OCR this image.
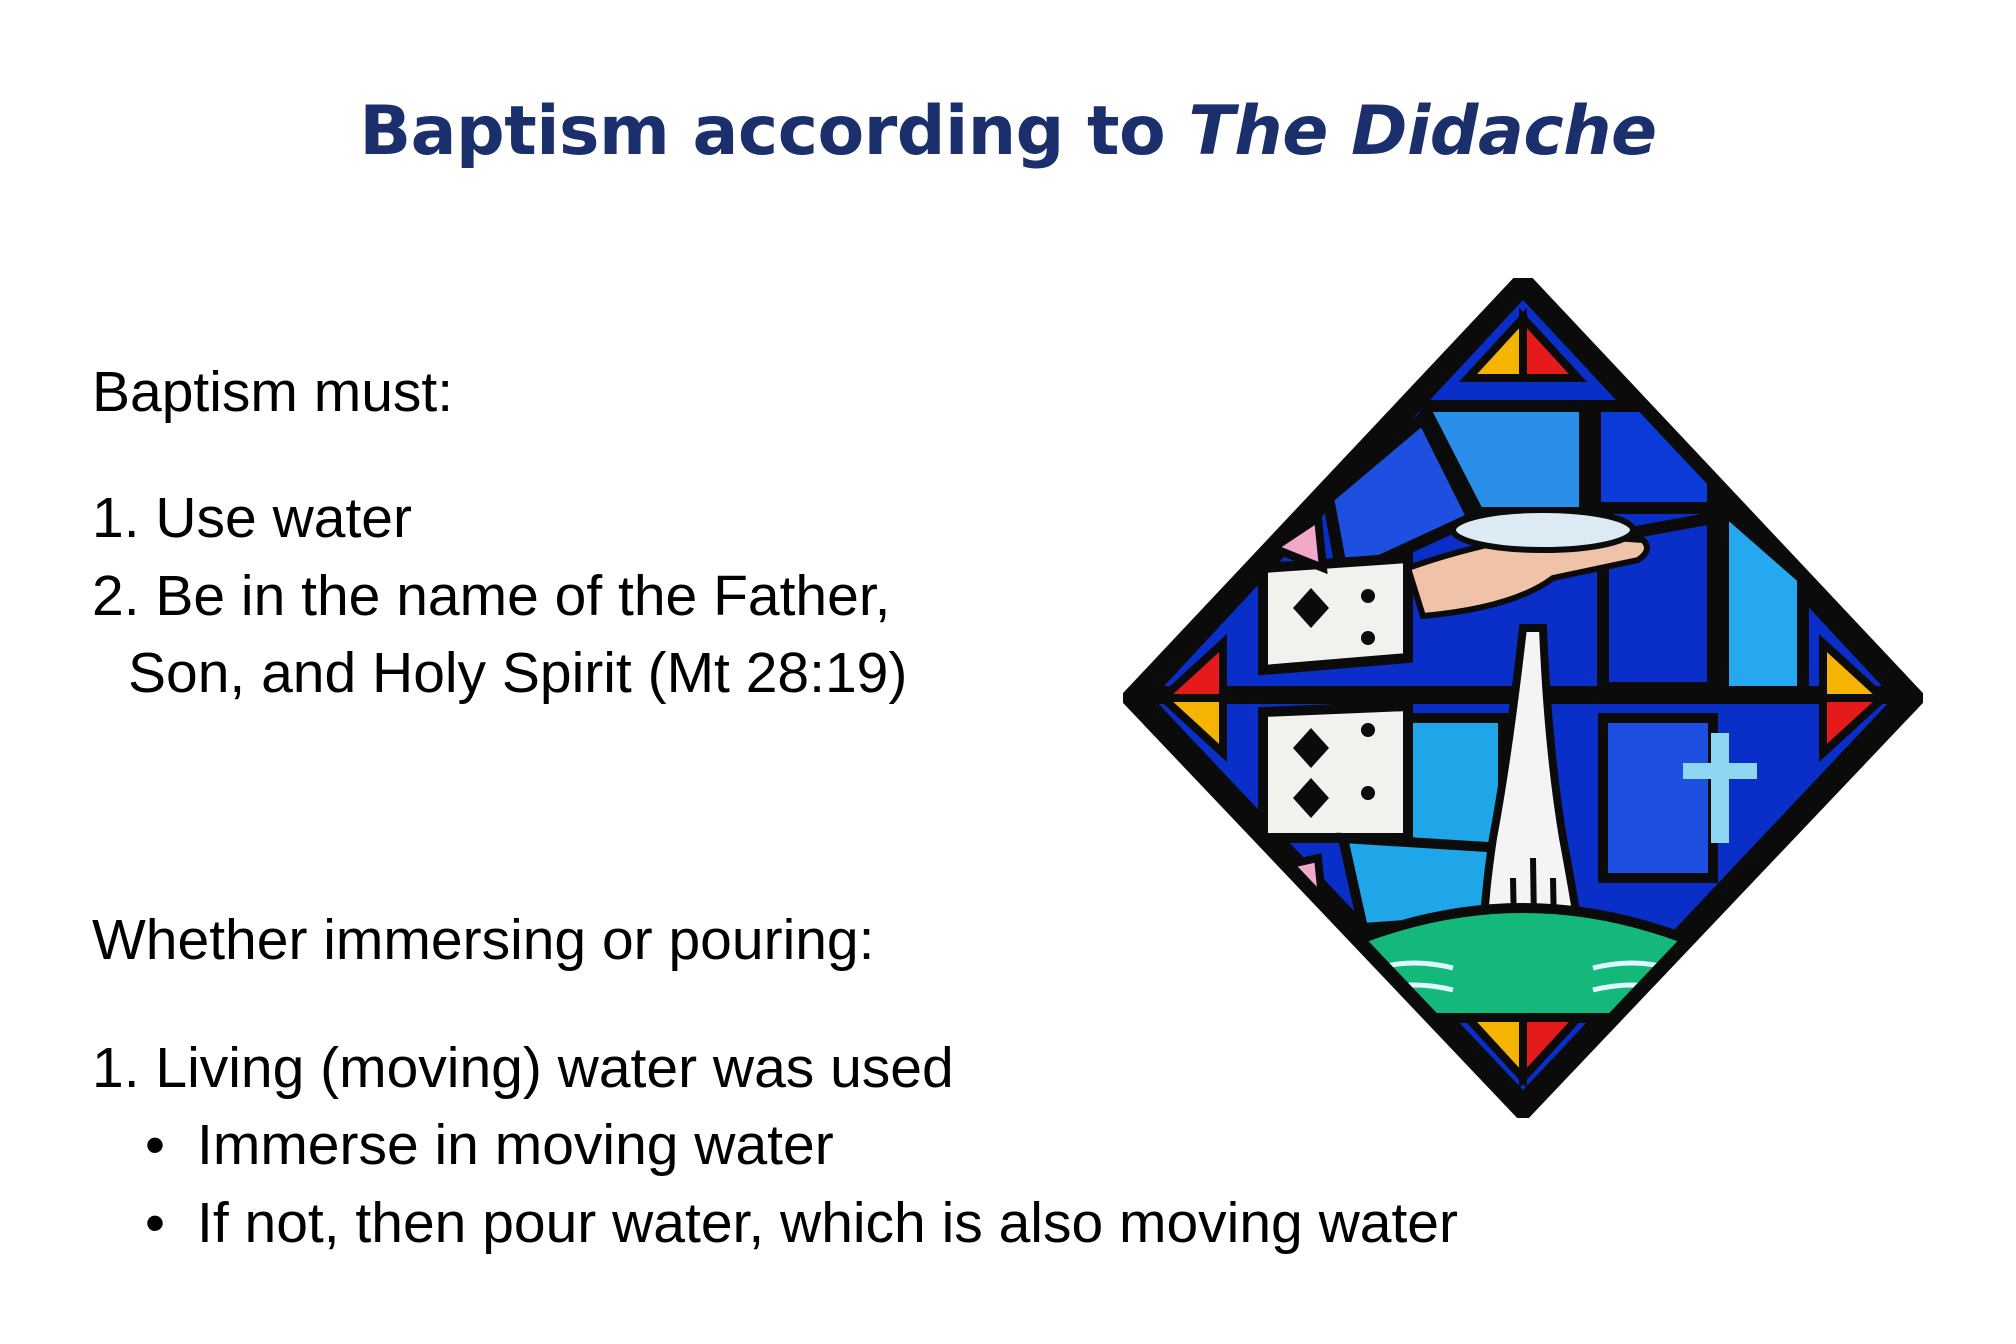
Baptism according to The Didache
Baptism must:
1. Use water
2. Be in the name of the Father,
Son, and Holy Spirit (Mt 28:19)
Whether immersing or pouring:
1. Living (moving) water was used
• Immerse in moving water
• If not, then pour water, which is also moving water
